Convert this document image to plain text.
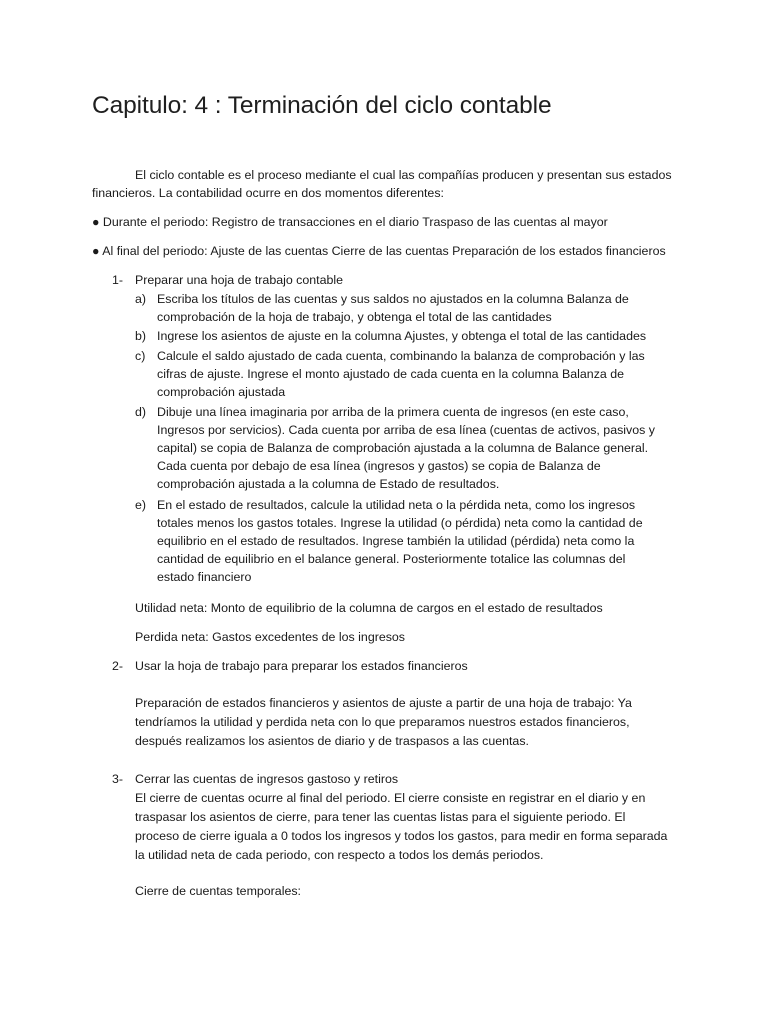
Capitulo: 4 : Terminación del ciclo contable
El ciclo contable es el proceso mediante el cual las compañías producen y presentan sus estados
financieros. La contabilidad ocurre en dos momentos diferentes:
● Durante el periodo: Registro de transacciones en el diario Traspaso de las cuentas al mayor
● Al final del periodo: Ajuste de las cuentas Cierre de las cuentas Preparación de los estados financieros
1- Preparar una hoja de trabajo contable
a) Escriba los títulos de las cuentas y sus saldos no ajustados en la columna Balanza de
comprobación de la hoja de trabajo, y obtenga el total de las cantidades
b) Ingrese los asientos de ajuste en la columna Ajustes, y obtenga el total de las cantidades
c) Calcule el saldo ajustado de cada cuenta, combinando la balanza de comprobación y las
cifras de ajuste. Ingrese el monto ajustado de cada cuenta en la columna Balanza de
comprobación ajustada
d) Dibuje una línea imaginaria por arriba de la primera cuenta de ingresos (en este caso,
Ingresos por servicios). Cada cuenta por arriba de esa línea (cuentas de activos, pasivos y
capital) se copia de Balanza de comprobación ajustada a la columna de Balance general.
Cada cuenta por debajo de esa línea (ingresos y gastos) se copia de Balanza de
comprobación ajustada a la columna de Estado de resultados.
e) En el estado de resultados, calcule la utilidad neta o la pérdida neta, como los ingresos
totales menos los gastos totales. Ingrese la utilidad (o pérdida) neta como la cantidad de
equilibrio en el estado de resultados. Ingrese también la utilidad (pérdida) neta como la
cantidad de equilibrio en el balance general. Posteriormente totalice las columnas del
estado financiero
Utilidad neta: Monto de equilibrio de la columna de cargos en el estado de resultados
Perdida neta: Gastos excedentes de los ingresos
2- Usar la hoja de trabajo para preparar los estados financieros
Preparación de estados financieros y asientos de ajuste a partir de una hoja de trabajo: Ya
tendríamos la utilidad y perdida neta con lo que preparamos nuestros estados financieros,
después realizamos los asientos de diario y de traspasos a las cuentas.
3- Cerrar las cuentas de ingresos gastoso y retiros
El cierre de cuentas ocurre al final del periodo. El cierre consiste en registrar en el diario y en
traspasar los asientos de cierre, para tener las cuentas listas para el siguiente periodo. El
proceso de cierre iguala a 0 todos los ingresos y todos los gastos, para medir en forma separada
la utilidad neta de cada periodo, con respecto a todos los demás periodos.
Cierre de cuentas temporales:
